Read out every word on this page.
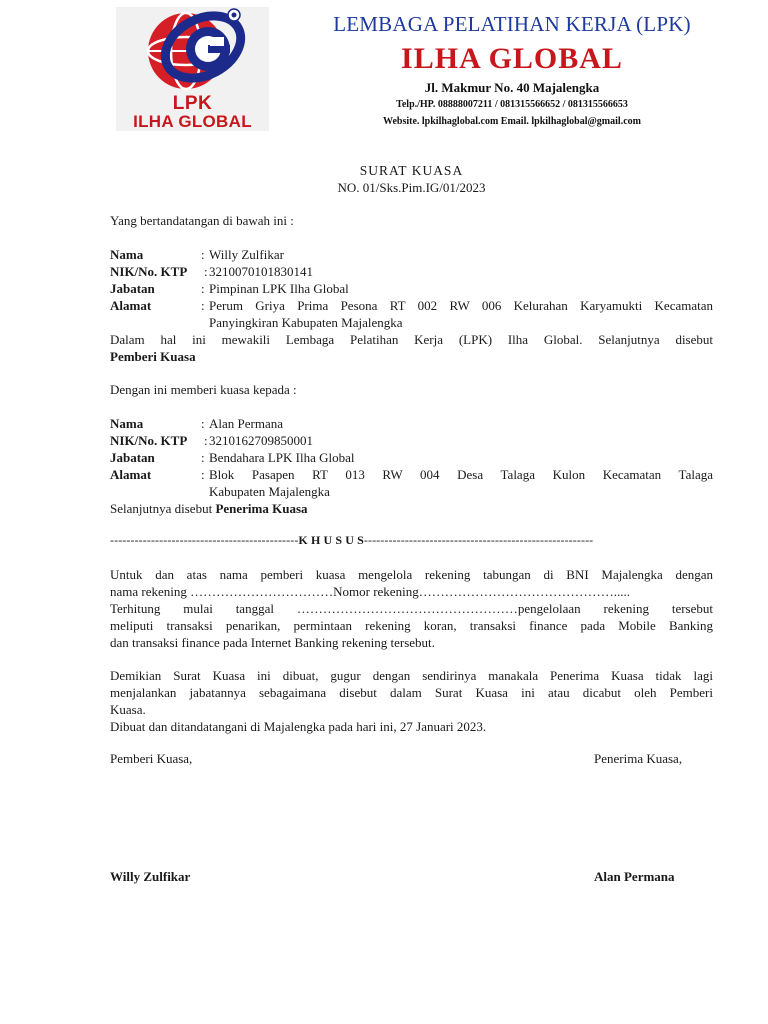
LPK
ILHA GLOBAL
LEMBAGA PELATIHAN KERJA (LPK)
ILHA GLOBAL
Jl. Makmur No. 40 Majalengka
Telp./HP. 08888007211 / 081315566652 / 081315566653
Website. lpkilhaglobal.com Email. lpkilhaglobal@gmail.com
SURAT KUASA
NO. 01/Sks.Pim.IG/01/2023
Yang bertandatangan di bawah ini :
Nama	: Willy Zulfikar
NIK/No. KTP : 3210070101830141
Jabatan	: Pimpinan LPK Ilha Global
Alamat	: Perum Griya Prima Pesona RT 002 RW 006 Kelurahan Karyamukti Kecamatan
Panyingkiran Kabupaten Majalengka
Dalam hal ini mewakili Lembaga Pelatihan Kerja (LPK) Ilha Global. Selanjutnya disebut
Pemberi Kuasa
Dengan ini memberi kuasa kepada :
Nama	: Alan Permana
NIK/No. KTP : 3210162709850001
Jabatan	: Bendahara LPK Ilha Global
Alamat	: Blok Pasapen RT 013 RW 004 Desa Talaga Kulon Kecamatan Talaga
Kabupaten Majalengka
Selanjutnya disebut Penerima Kuasa
----------------------------------------------K H U S U S--------------------------------------------------------
Untuk dan atas nama pemberi kuasa mengelola rekening tabungan di BNI Majalengka dengan
nama rekening ……………………………Nomor rekening……………………………………….....
Terhitung mulai tanggal ……………………………………………pengelolaan rekening tersebut
meliputi transaksi penarikan, permintaan rekening koran, transaksi finance pada Mobile Banking
dan transaksi finance pada Internet Banking rekening tersebut.
Demikian Surat Kuasa ini dibuat, gugur dengan sendirinya manakala Penerima Kuasa tidak lagi
menjalankan jabatannya sebagaimana disebut dalam Surat Kuasa ini atau dicabut oleh Pemberi
Kuasa.
Dibuat dan ditandatangani di Majalengka pada hari ini, 27 Januari 2023.
Pemberi Kuasa,	Penerima Kuasa,
Willy Zulfikar	Alan Permana
